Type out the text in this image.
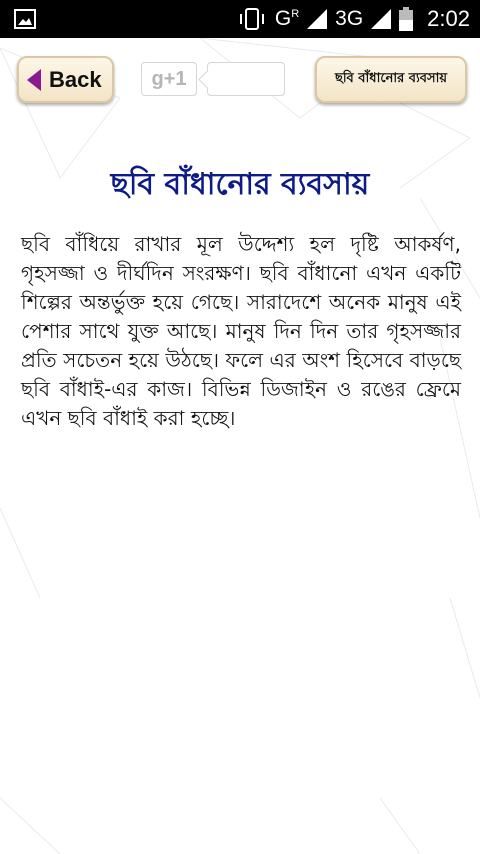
$G^R$ 3G	2:02
Back	g+1	ছবি বাঁধানোর ব্যবসায়
ছবি বাঁধানোর ব্যবসায়

ছবি বাঁধিয়ে রাখার মূল উদ্দেশ্য হল দৃষ্টি আকর্ষণ, গৃহসজ্জা ও দীর্ঘদিন সংরক্ষণ। ছবি বাঁধানো এখন একটি শিল্পের অন্তর্ভুক্ত হয়ে গেছে। সারাদেশে অনেক মানুষ এই পেশার সাথে যুক্ত আছে। মানুষ দিন দিন তার গৃহসজ্জার প্রতি সচেতন হয়ে উঠছে। ফলে এর অংশ হিসেবে বাড়ছে ছবি বাঁধাই-এর কাজ। বিভিন্ন ডিজাইন ও রঙের ফ্রেমে এখন ছবি বাঁধাই করা হচ্ছে।
